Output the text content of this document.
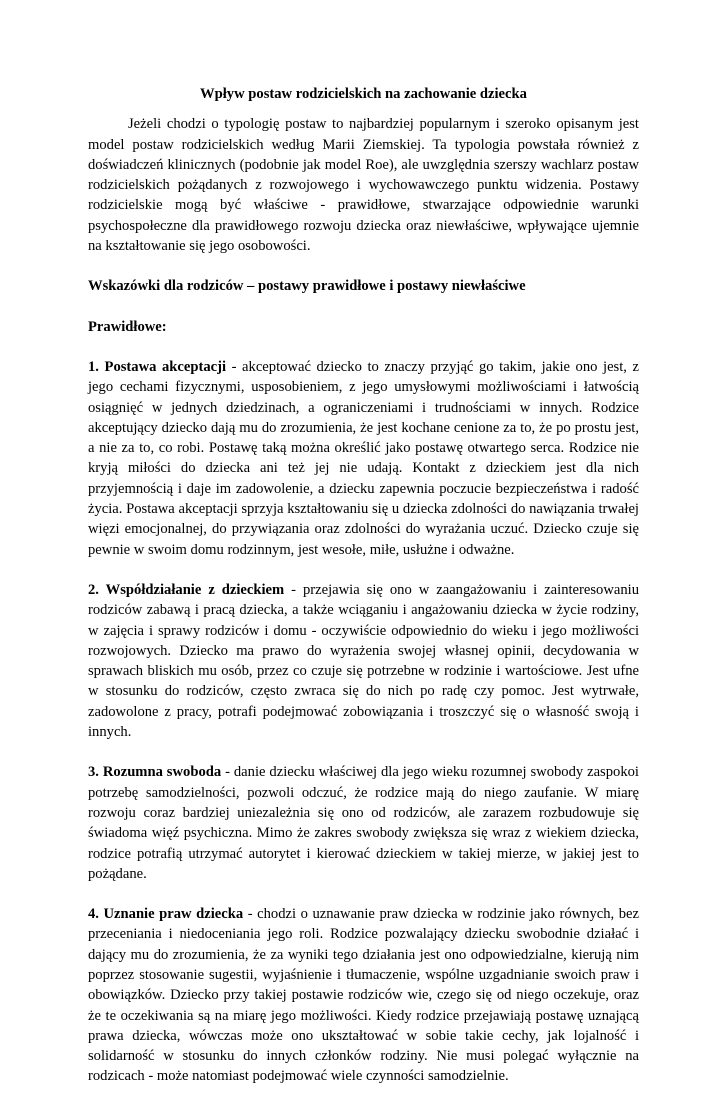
Wpływ postaw rodzicielskich na zachowanie dziecka

Jeżeli chodzi o typologię postaw to najbardziej popularnym i szeroko opisanym jest model postaw rodzicielskich według Marii Ziemskiej. Ta typologia powstała również z doświadczeń klinicznych (podobnie jak model Roe), ale uwzględnia szerszy wachlarz postaw rodzicielskich pożądanych z rozwojowego i wychowawczego punktu widzenia. Postawy rodzicielskie mogą być właściwe - prawidłowe, stwarzające odpowiednie warunki psychospołeczne dla prawidłowego rozwoju dziecka oraz niewłaściwe, wpływające ujemnie na kształtowanie się jego osobowości.

Wskazówki dla rodziców – postawy prawidłowe i postawy niewłaściwe

Prawidłowe:

1. Postawa akceptacji - akceptować dziecko to znaczy przyjąć go takim, jakie ono jest, z jego cechami fizycznymi, usposobieniem, z jego umysłowymi możliwościami i łatwością osiągnięć w jednych dziedzinach, a ograniczeniami i trudnościami w innych. Rodzice akceptujący dziecko dają mu do zrozumienia, że jest kochane cenione za to, że po prostu jest, a nie za to, co robi. Postawę taką można określić jako postawę otwartego serca. Rodzice nie kryją miłości do dziecka ani też jej nie udają. Kontakt z dzieckiem jest dla nich przyjemnością i daje im zadowolenie, a dziecku zapewnia poczucie bezpieczeństwa i radość życia. Postawa akceptacji sprzyja kształtowaniu się u dziecka zdolności do nawiązania trwałej więzi emocjonalnej, do przywiązania oraz zdolności do wyrażania uczuć. Dziecko czuje się pewnie w swoim domu rodzinnym, jest wesołe, miłe, usłużne i odważne.

2. Współdziałanie z dzieckiem - przejawia się ono w zaangażowaniu i zainteresowaniu rodziców zabawą i pracą dziecka, a także wciąganiu i angażowaniu dziecka w życie rodziny, w zajęcia i sprawy rodziców i domu - oczywiście odpowiednio do wieku i jego możliwości rozwojowych. Dziecko ma prawo do wyrażenia swojej własnej opinii, decydowania w sprawach bliskich mu osób, przez co czuje się potrzebne w rodzinie i wartościowe. Jest ufne w stosunku do rodziców, często zwraca się do nich po radę czy pomoc. Jest wytrwałe, zadowolone z pracy, potrafi podejmować zobowiązania i troszczyć się o własność swoją i innych.

3. Rozumna swoboda - danie dziecku właściwej dla jego wieku rozumnej swobody zaspokoi potrzebę samodzielności, pozwoli odczuć, że rodzice mają do niego zaufanie. W miarę rozwoju coraz bardziej uniezależnia się ono od rodziców, ale zarazem rozbudowuje się świadoma więź psychiczna. Mimo że zakres swobody zwiększa się wraz z wiekiem dziecka, rodzice potrafią utrzymać autorytet i kierować dzieckiem w takiej mierze, w jakiej jest to pożądane.

4. Uznanie praw dziecka - chodzi o uznawanie praw dziecka w rodzinie jako równych, bez przeceniania i niedoceniania jego roli. Rodzice pozwalający dziecku swobodnie działać i dający mu do zrozumienia, że za wyniki tego działania jest ono odpowiedzialne, kierują nim poprzez stosowanie sugestii, wyjaśnienie i tłumaczenie, wspólne uzgadnianie swoich praw i obowiązków. Dziecko przy takiej postawie rodziców wie, czego się od niego oczekuje, oraz że te oczekiwania są na miarę jego możliwości. Kiedy rodzice przejawiają postawę uznającą prawa dziecka, wówczas może ono ukształtować w sobie takie cechy, jak lojalność i solidarność w stosunku do innych członków rodziny. Nie musi polegać wyłącznie na rodzicach - może natomiast podejmować wiele czynności samodzielnie.
